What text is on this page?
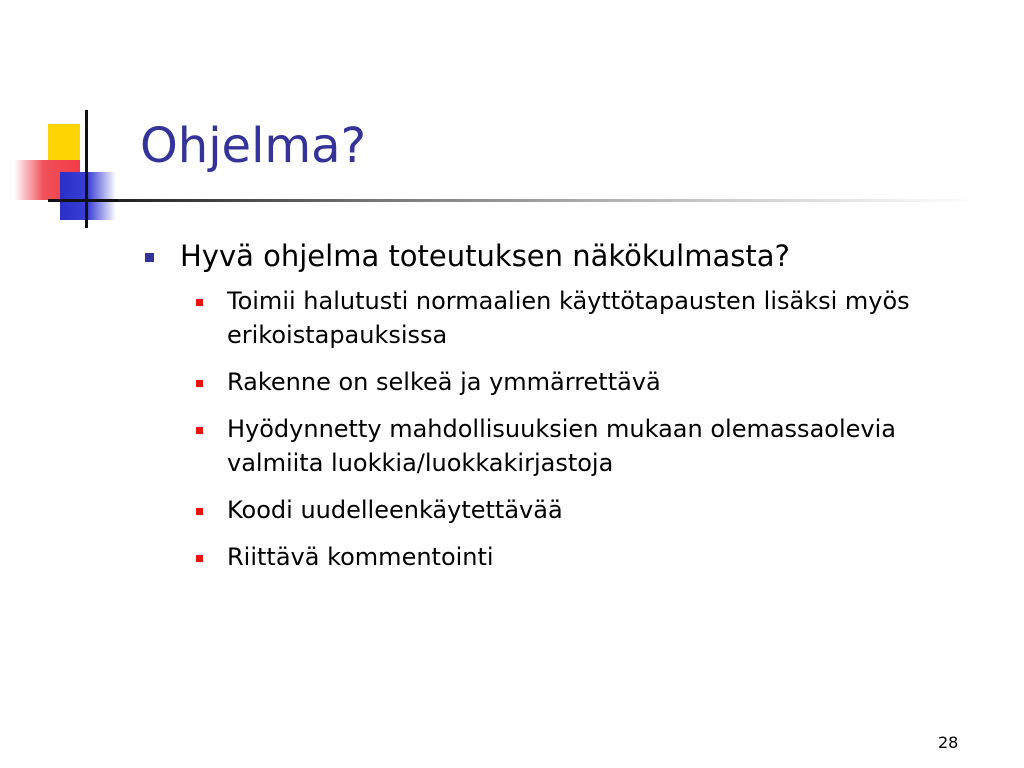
Ohjelma?
Hyvä ohjelma toteutuksen näkökulmasta?
Toimii halutusti normaalien käyttötapausten lisäksi myös erikoistapauksissa
Rakenne on selkeä ja ymmärrettävä
Hyödynnetty mahdollisuuksien mukaan olemassaolevia valmiita luokkia/luokkakirjastoja
Koodi uudelleenkäytettävää
Riittävä kommentointi
28
